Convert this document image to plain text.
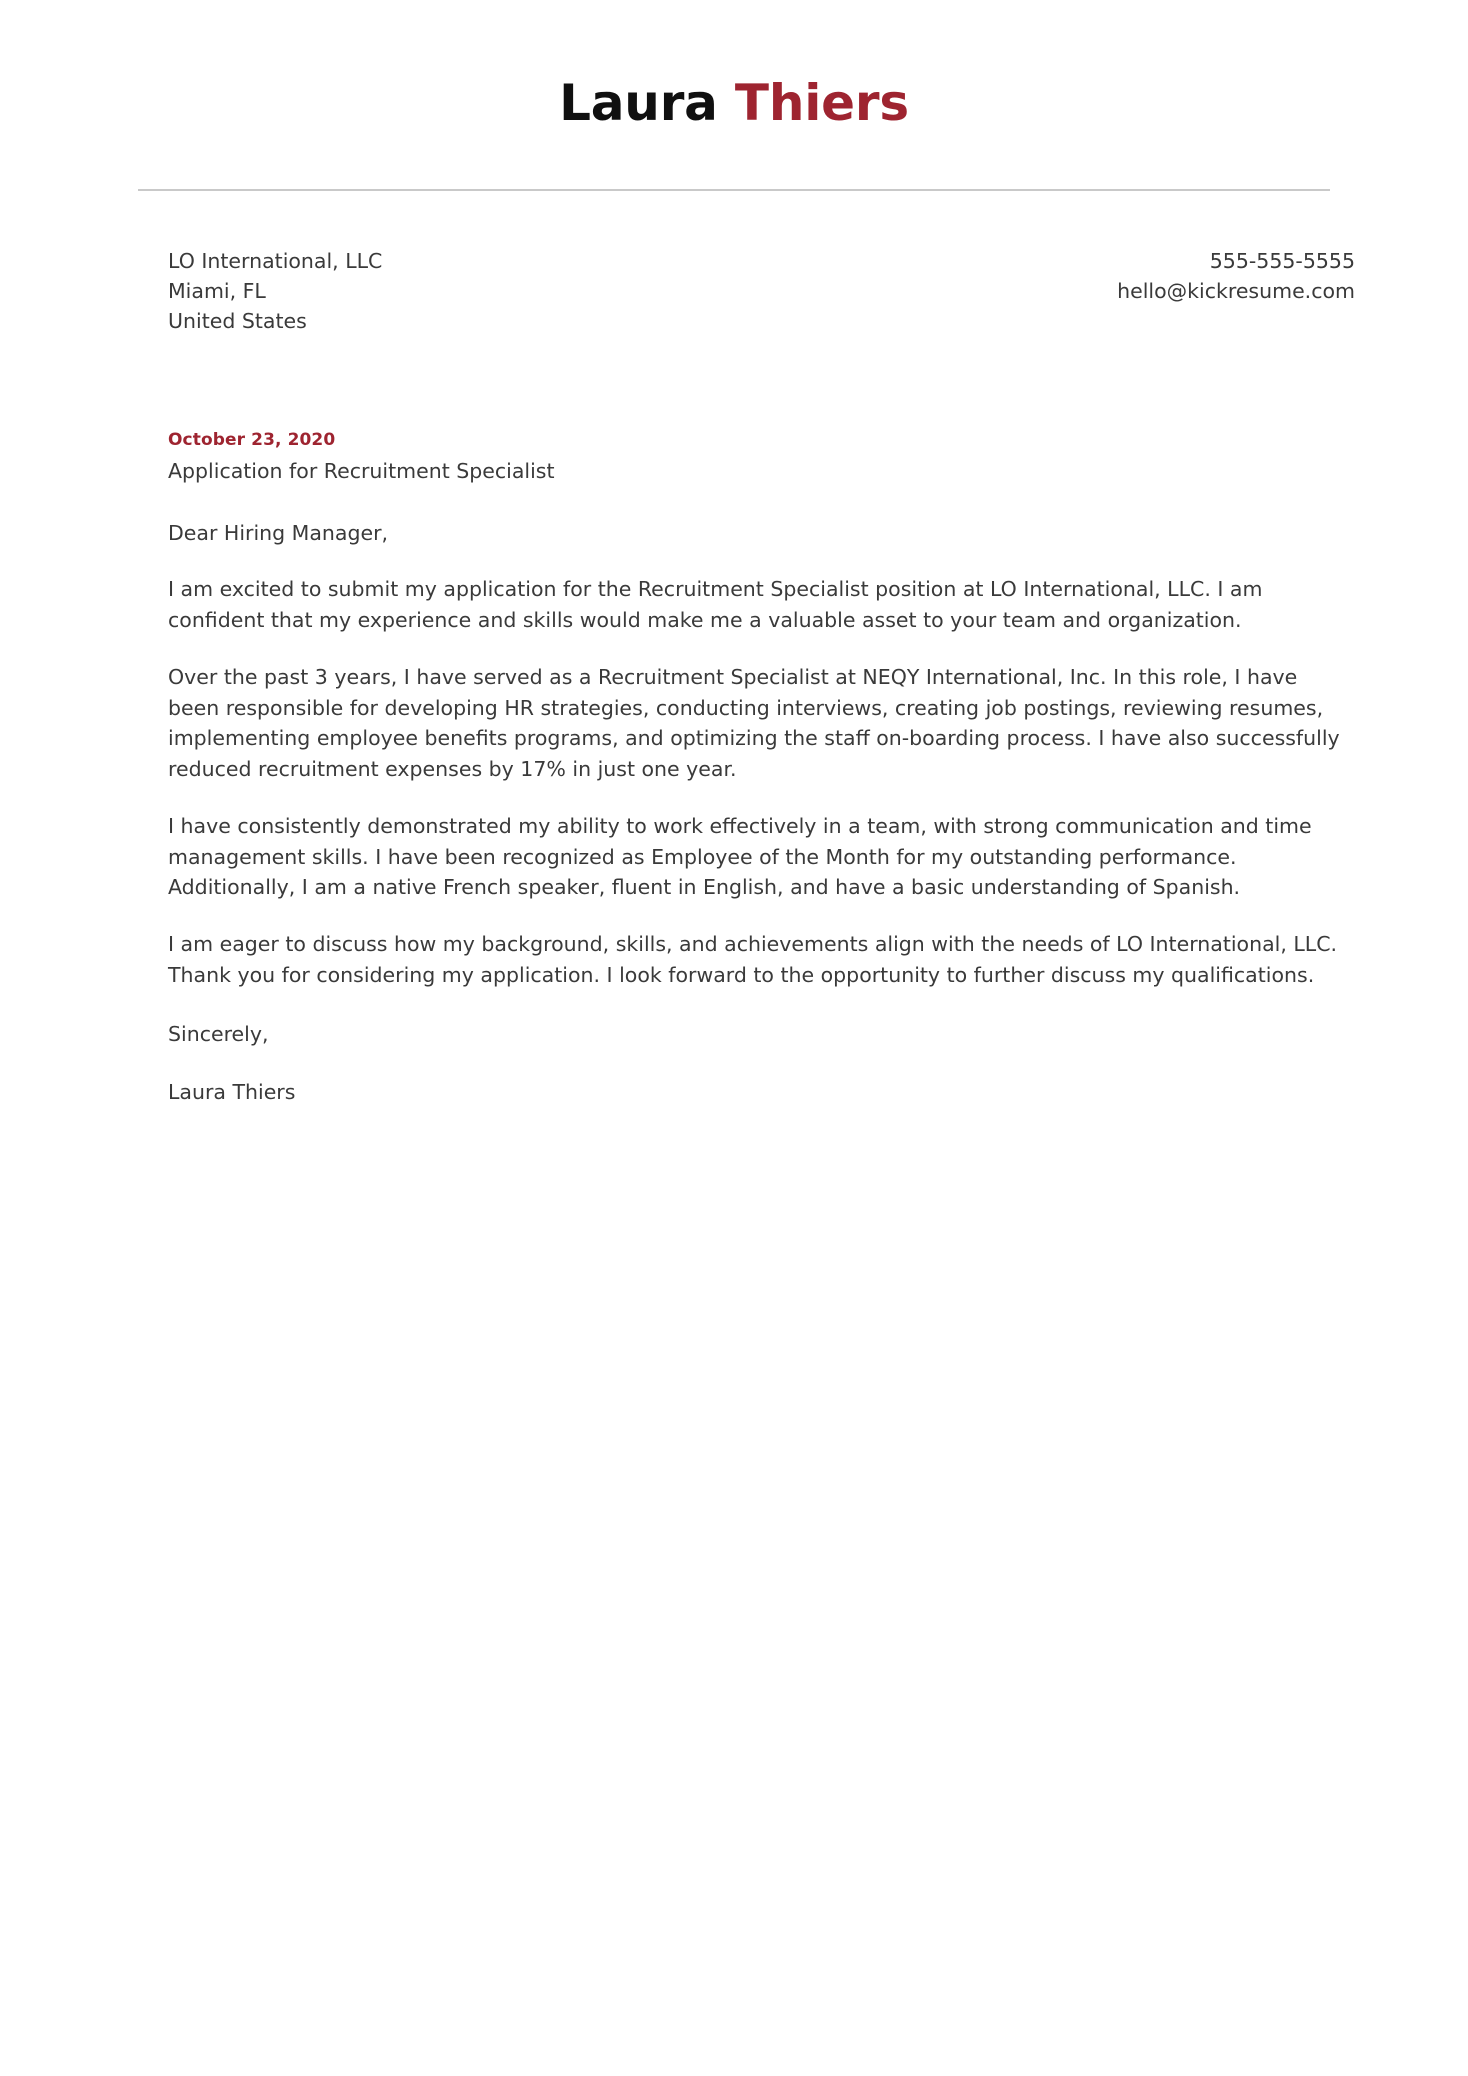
Laura Thiers
LO International, LLC
Miami, FL
United States
555-555-5555
hello@kickresume.com
October 23, 2020
Application for Recruitment Specialist
Dear Hiring Manager,

I am excited to submit my application for the Recruitment Specialist position at LO International, LLC. I am confident that my experience and skills would make me a valuable asset to your team and organization.

Over the past 3 years, I have served as a Recruitment Specialist at NEQY International, Inc. In this role, I have been responsible for developing HR strategies, conducting interviews, creating job postings, reviewing resumes, implementing employee benefits programs, and optimizing the staff on-boarding process. I have also successfully reduced recruitment expenses by 17% in just one year.

I have consistently demonstrated my ability to work effectively in a team, with strong communication and time management skills. I have been recognized as Employee of the Month for my outstanding performance. Additionally, I am a native French speaker, fluent in English, and have a basic understanding of Spanish.

I am eager to discuss how my background, skills, and achievements align with the needs of LO International, LLC. Thank you for considering my application. I look forward to the opportunity to further discuss my qualifications.

Sincerely,
Laura Thiers
